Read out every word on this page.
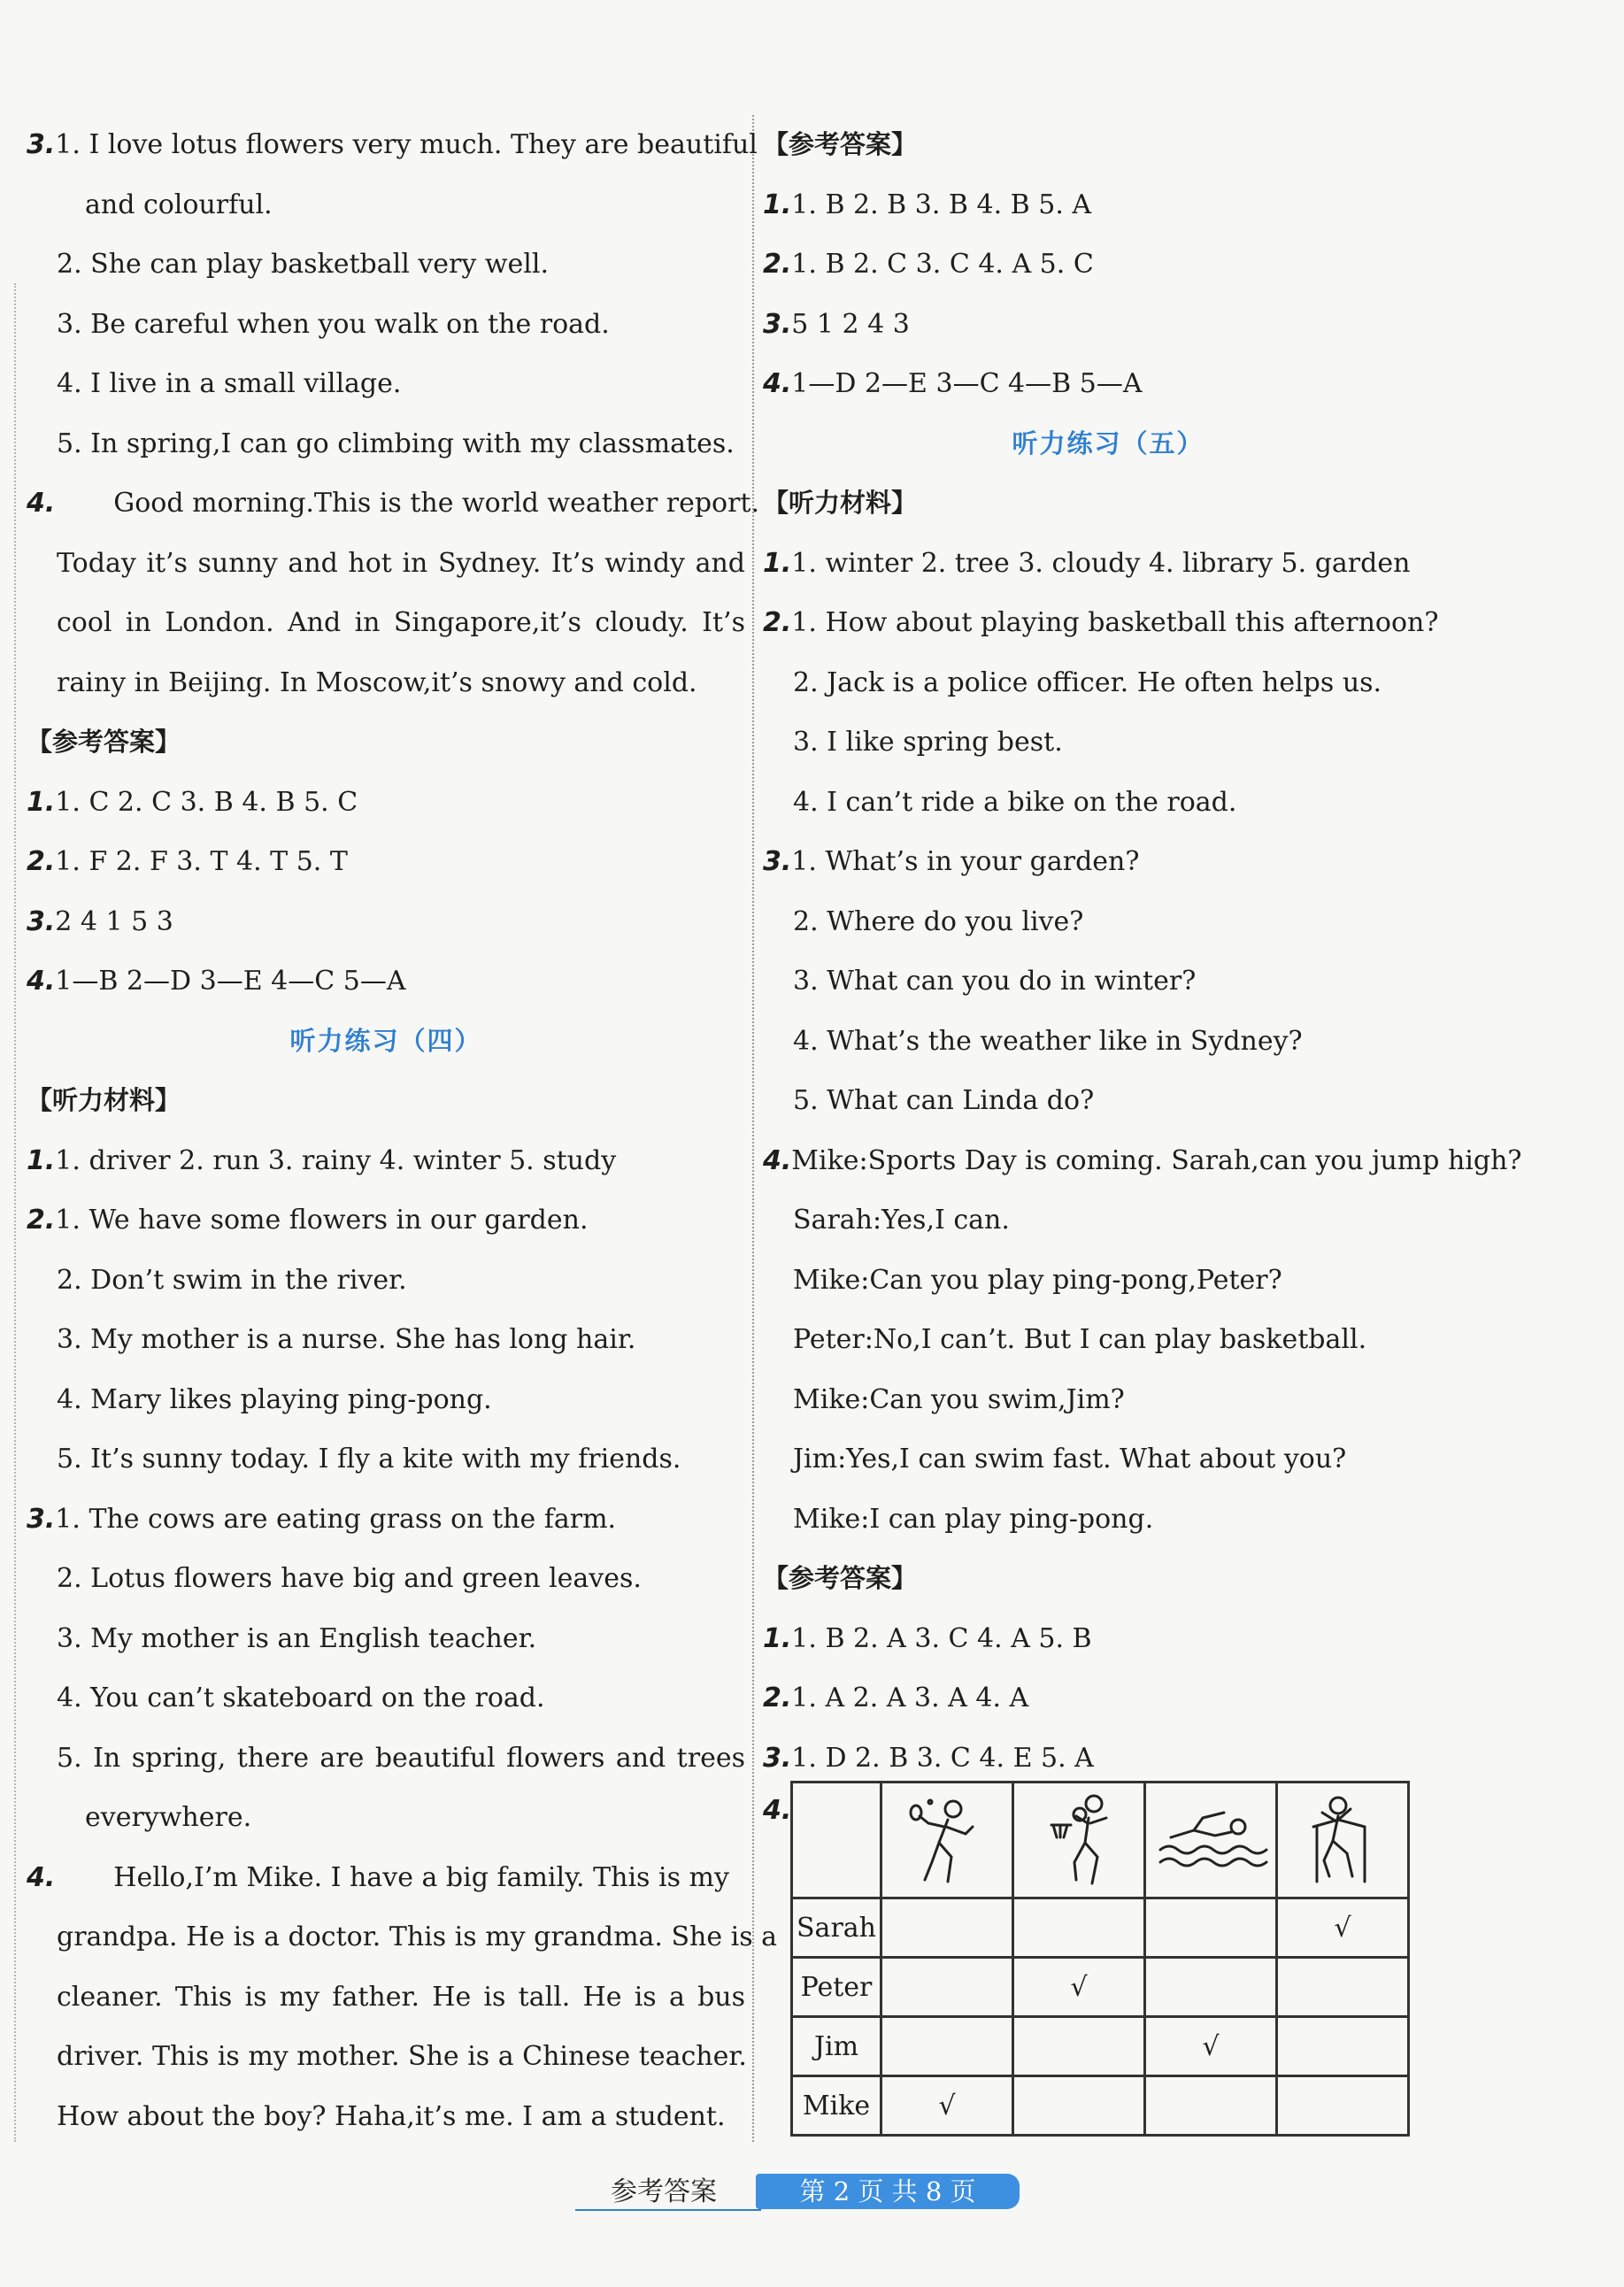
3.1. I love lotus flowers very much. They are beautiful
and colourful.
2. She can play basketball very well.
3. Be careful when you walk on the road.
4. I live in a small village.
5. In spring,I can go climbing with my classmates.
4. Good morning.This is the world weather report.
Today it’s sunny and hot in Sydney. It’s windy and
cool in London. And in Singapore,it’s cloudy. It’s
rainy in Beijing. In Moscow,it’s snowy and cold.
【参考答案】
1.1. C 2. C 3. B 4. B 5. C
2.1. F 2. F 3. T 4. T 5. T
3.2 4 1 5 3
4.1—B 2—D 3—E 4—C 5—A
听力练习（四）
【听力材料】
1.1. driver 2. run 3. rainy 4. winter 5. study
2.1. We have some flowers in our garden.
2. Don’t swim in the river.
3. My mother is a nurse. She has long hair.
4. Mary likes playing ping-pong.
5. It’s sunny today. I fly a kite with my friends.
3.1. The cows are eating grass on the farm.
2. Lotus flowers have big and green leaves.
3. My mother is an English teacher.
4. You can’t skateboard on the road.
5. In spring, there are beautiful flowers and trees
everywhere.
4. Hello,I’m Mike. I have a big family. This is my
grandpa. He is a doctor. This is my grandma. She is a
cleaner. This is my father. He is tall. He is a bus
driver. This is my mother. She is a Chinese teacher.
How about the boy? Haha,it’s me. I am a student.
【参考答案】
1.1. B 2. B 3. B 4. B 5. A
2.1. B 2. C 3. C 4. A 5. C
3.5 1 2 4 3
4.1—D 2—E 3—C 4—B 5—A
听力练习（五）
【听力材料】
1.1. winter 2. tree 3. cloudy 4. library 5. garden
2.1. How about playing basketball this afternoon?
2. Jack is a police officer. He often helps us.
3. I like spring best.
4. I can’t ride a bike on the road.
3.1. What’s in your garden?
2. Where do you live?
3. What can you do in winter?
4. What’s the weather like in Sydney?
5. What can Linda do?
4.Mike:Sports Day is coming. Sarah,can you jump high?
Sarah:Yes,I can.
Mike:Can you play ping-pong,Peter?
Peter:No,I can’t. But I can play basketball.
Mike:Can you swim,Jim?
Jim:Yes,I can swim fast. What about you?
Mike:I can play ping-pong.
【参考答案】
1.1. B 2. A 3. C 4. A 5. B
2.1. A 2. A 3. A 4. A
3.1. D 2. B 3. C 4. E 5. A
4.

Sarah				√
Peter		√		
Jim			√	
Mike	√			
参考答案	第 2 页 共 8 页
